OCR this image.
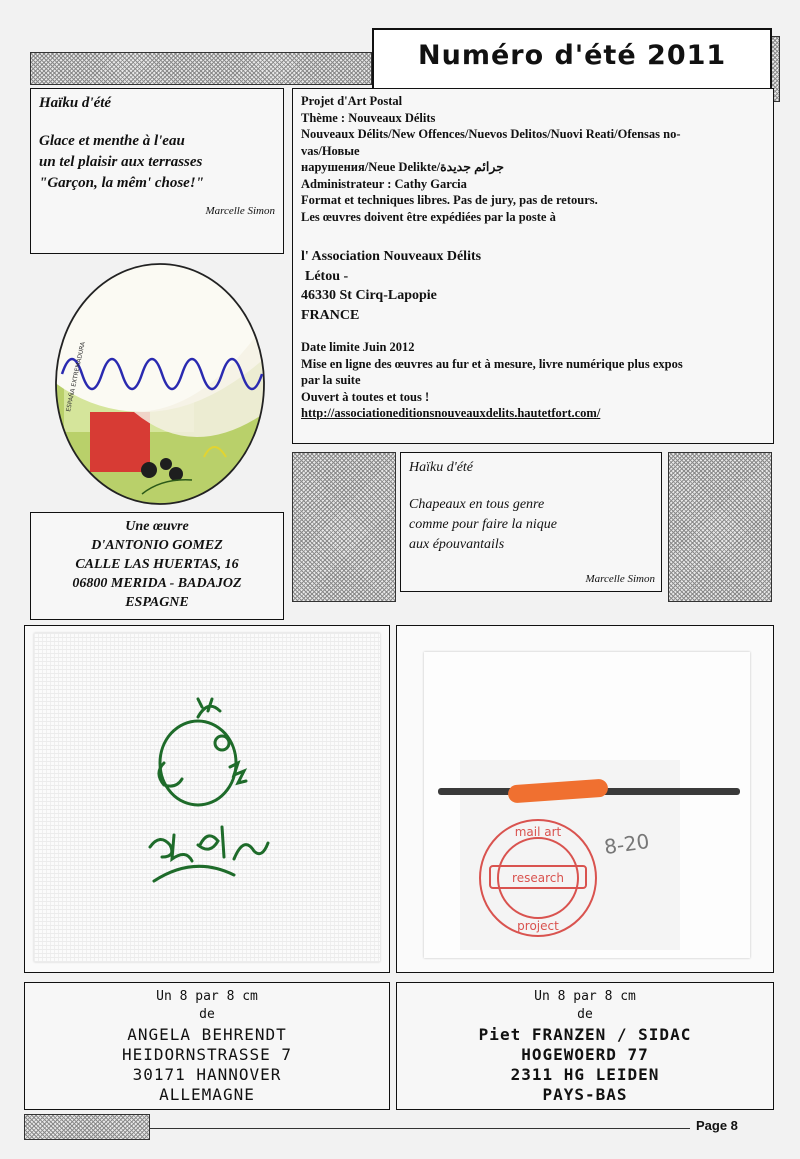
Numéro d'été 2011
Haïku d'été
Glace et menthe à l'eau
un tel plaisir aux terrasses
"Garçon, la mêm' chose!"
Marcelle Simon
Projet d'Art Postal
Thème : Nouveaux Délits
Nouveaux Délits/New Offences/Nuevos Delitos/Nuovi Reati/Ofensas no-
vas/Новые
нарушения/Neue Delikte/جرائم جديدة
Administrateur : Cathy Garcia
Format et techniques libres. Pas de jury, pas de retours.
Les œuvres doivent être expédiées par la poste à
l' Association Nouveaux Délits
Létou -
46330 St Cirq-Lapopie
FRANCE
Date limite Juin 2012
Mise en ligne des œuvres au fur et à mesure, livre numérique plus expos
par la suite
Ouvert à toutes et tous !
http://associationeditionsnouveauxdelits.hautetfort.com/
ESPAÑA EXTREMADURA
Une œuvre
D'ANTONIO GOMEZ
CALLE LAS HUERTAS, 16
06800 MERIDA - BADAJOZ
ESPAGNE
Haïku d'été
Chapeaux en tous genre
comme pour faire la nique
aux épouvantails
Marcelle Simon
ekel
mail art
research
project
8-20
Un 8 par 8 cm
de
ANGELA BEHRENDT
HEIDORNSTRASSE 7
30171 HANNOVER
ALLEMAGNE
Un 8 par 8 cm
de
Piet FRANZEN / SIDAC
HOGEWOERD 77
2311 HG LEIDEN
PAYS-BAS
Page 8
